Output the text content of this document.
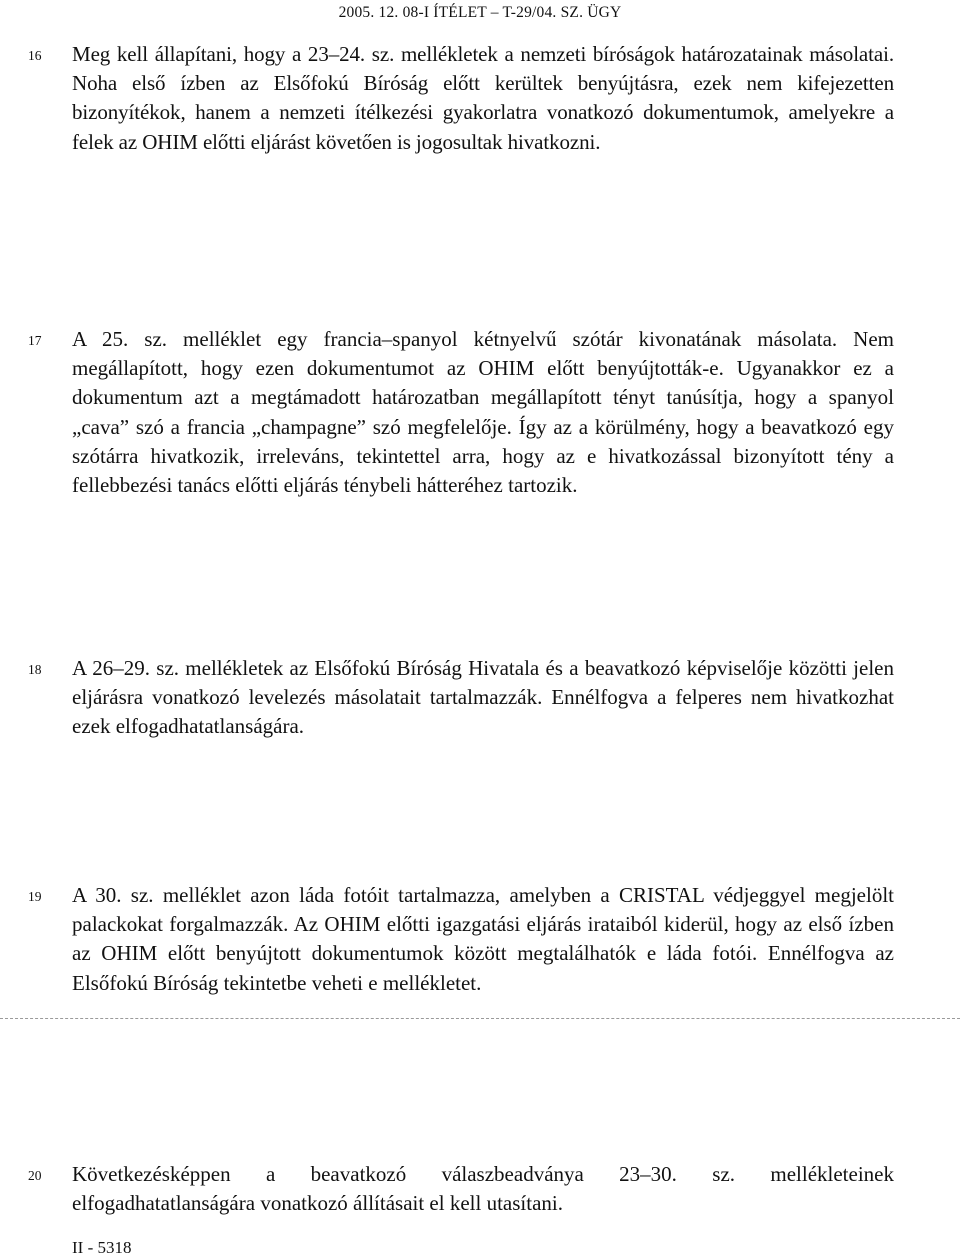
2005. 12. 08-I ÍTÉLET – T-29/04. SZ. ÜGY
16 Meg kell állapítani, hogy a 23–24. sz. mellékletek a nemzeti bíróságok határozatainak másolatai. Noha első ízben az Elsőfokú Bíróság előtt kerültek benyújtásra, ezek nem kifejezetten bizonyítékok, hanem a nemzeti ítélkezési gyakorlatra vonatkozó dokumentumok, amelyekre a felek az OHIM előtti eljárást követően is jogosultak hivatkozni.
17 A 25. sz. melléklet egy francia–spanyol kétnyelvű szótár kivonatának másolata. Nem megállapított, hogy ezen dokumentumot az OHIM előtt benyújtották-e. Ugyanakkor ez a dokumentum azt a megtámadott határozatban megállapított tényt tanúsítja, hogy a spanyol „cava” szó a francia „champagne” szó megfelelője. Így az a körülmény, hogy a beavatkozó egy szótárra hivatkozik, irreleváns, tekintettel arra, hogy az e hivatkozással bizonyított tény a fellebbezési tanács előtti eljárás ténybeli hátteréhez tartozik.
18 A 26–29. sz. mellékletek az Elsőfokú Bíróság Hivatala és a beavatkozó képviselője közötti jelen eljárásra vonatkozó levelezés másolatait tartalmazzák. Ennélfogva a felperes nem hivatkozhat ezek elfogadhatatlanságára.
19 A 30. sz. melléklet azon láda fotóit tartalmazza, amelyben a CRISTAL védjeggyel megjelölt palackokat forgalmazzák. Az OHIM előtti igazgatási eljárás irataiból kiderül, hogy az első ízben az OHIM előtt benyújtott dokumentumok között megtalálhatók e láda fotói. Ennélfogva az Elsőfokú Bíróság tekintetbe veheti e mellékletet.
20 Következésképpen a beavatkozó válaszbeadványa 23–30. sz. mellékleteinek elfogadhatatlanságára vonatkozó állításait el kell utasítani.
II - 5318
